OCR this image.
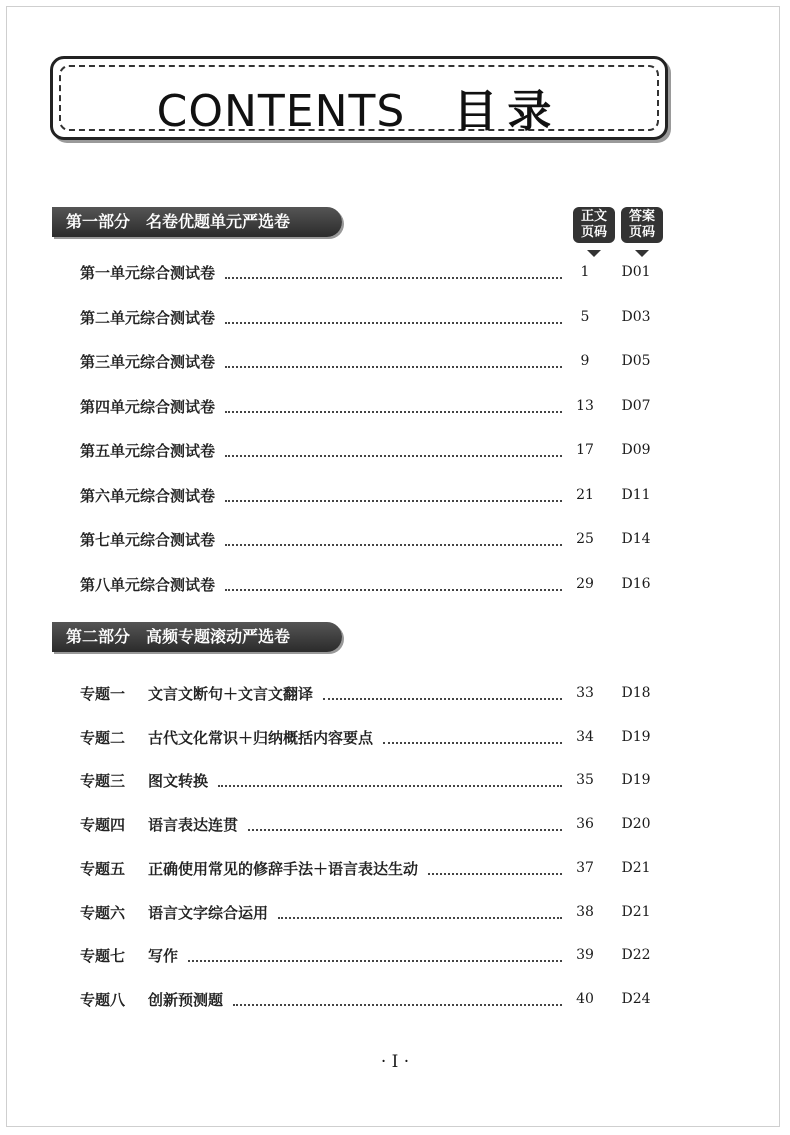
CONTENTS 目录
正文
页码
答案
页码
第一部分 名卷优题单元严选卷
第一单元综合测试卷	1	D01
第二单元综合测试卷	5	D03
第三单元综合测试卷	9	D05
第四单元综合测试卷	13	D07
第五单元综合测试卷	17	D09
第六单元综合测试卷	21	D11
第七单元综合测试卷	25	D14
第八单元综合测试卷	29	D16
第二部分 高频专题滚动严选卷
专题一 文言文断句＋文言文翻译	33	D18
专题二 古代文化常识＋归纳概括内容要点	34	D19
专题三 图文转换	35	D19
专题四 语言表达连贯	36	D20
专题五 正确使用常见的修辞手法＋语言表达生动	37	D21
专题六 语言文字综合运用	38	D21
专题七 写作	39	D22
专题八 创新预测题	40	D24
· I ·
